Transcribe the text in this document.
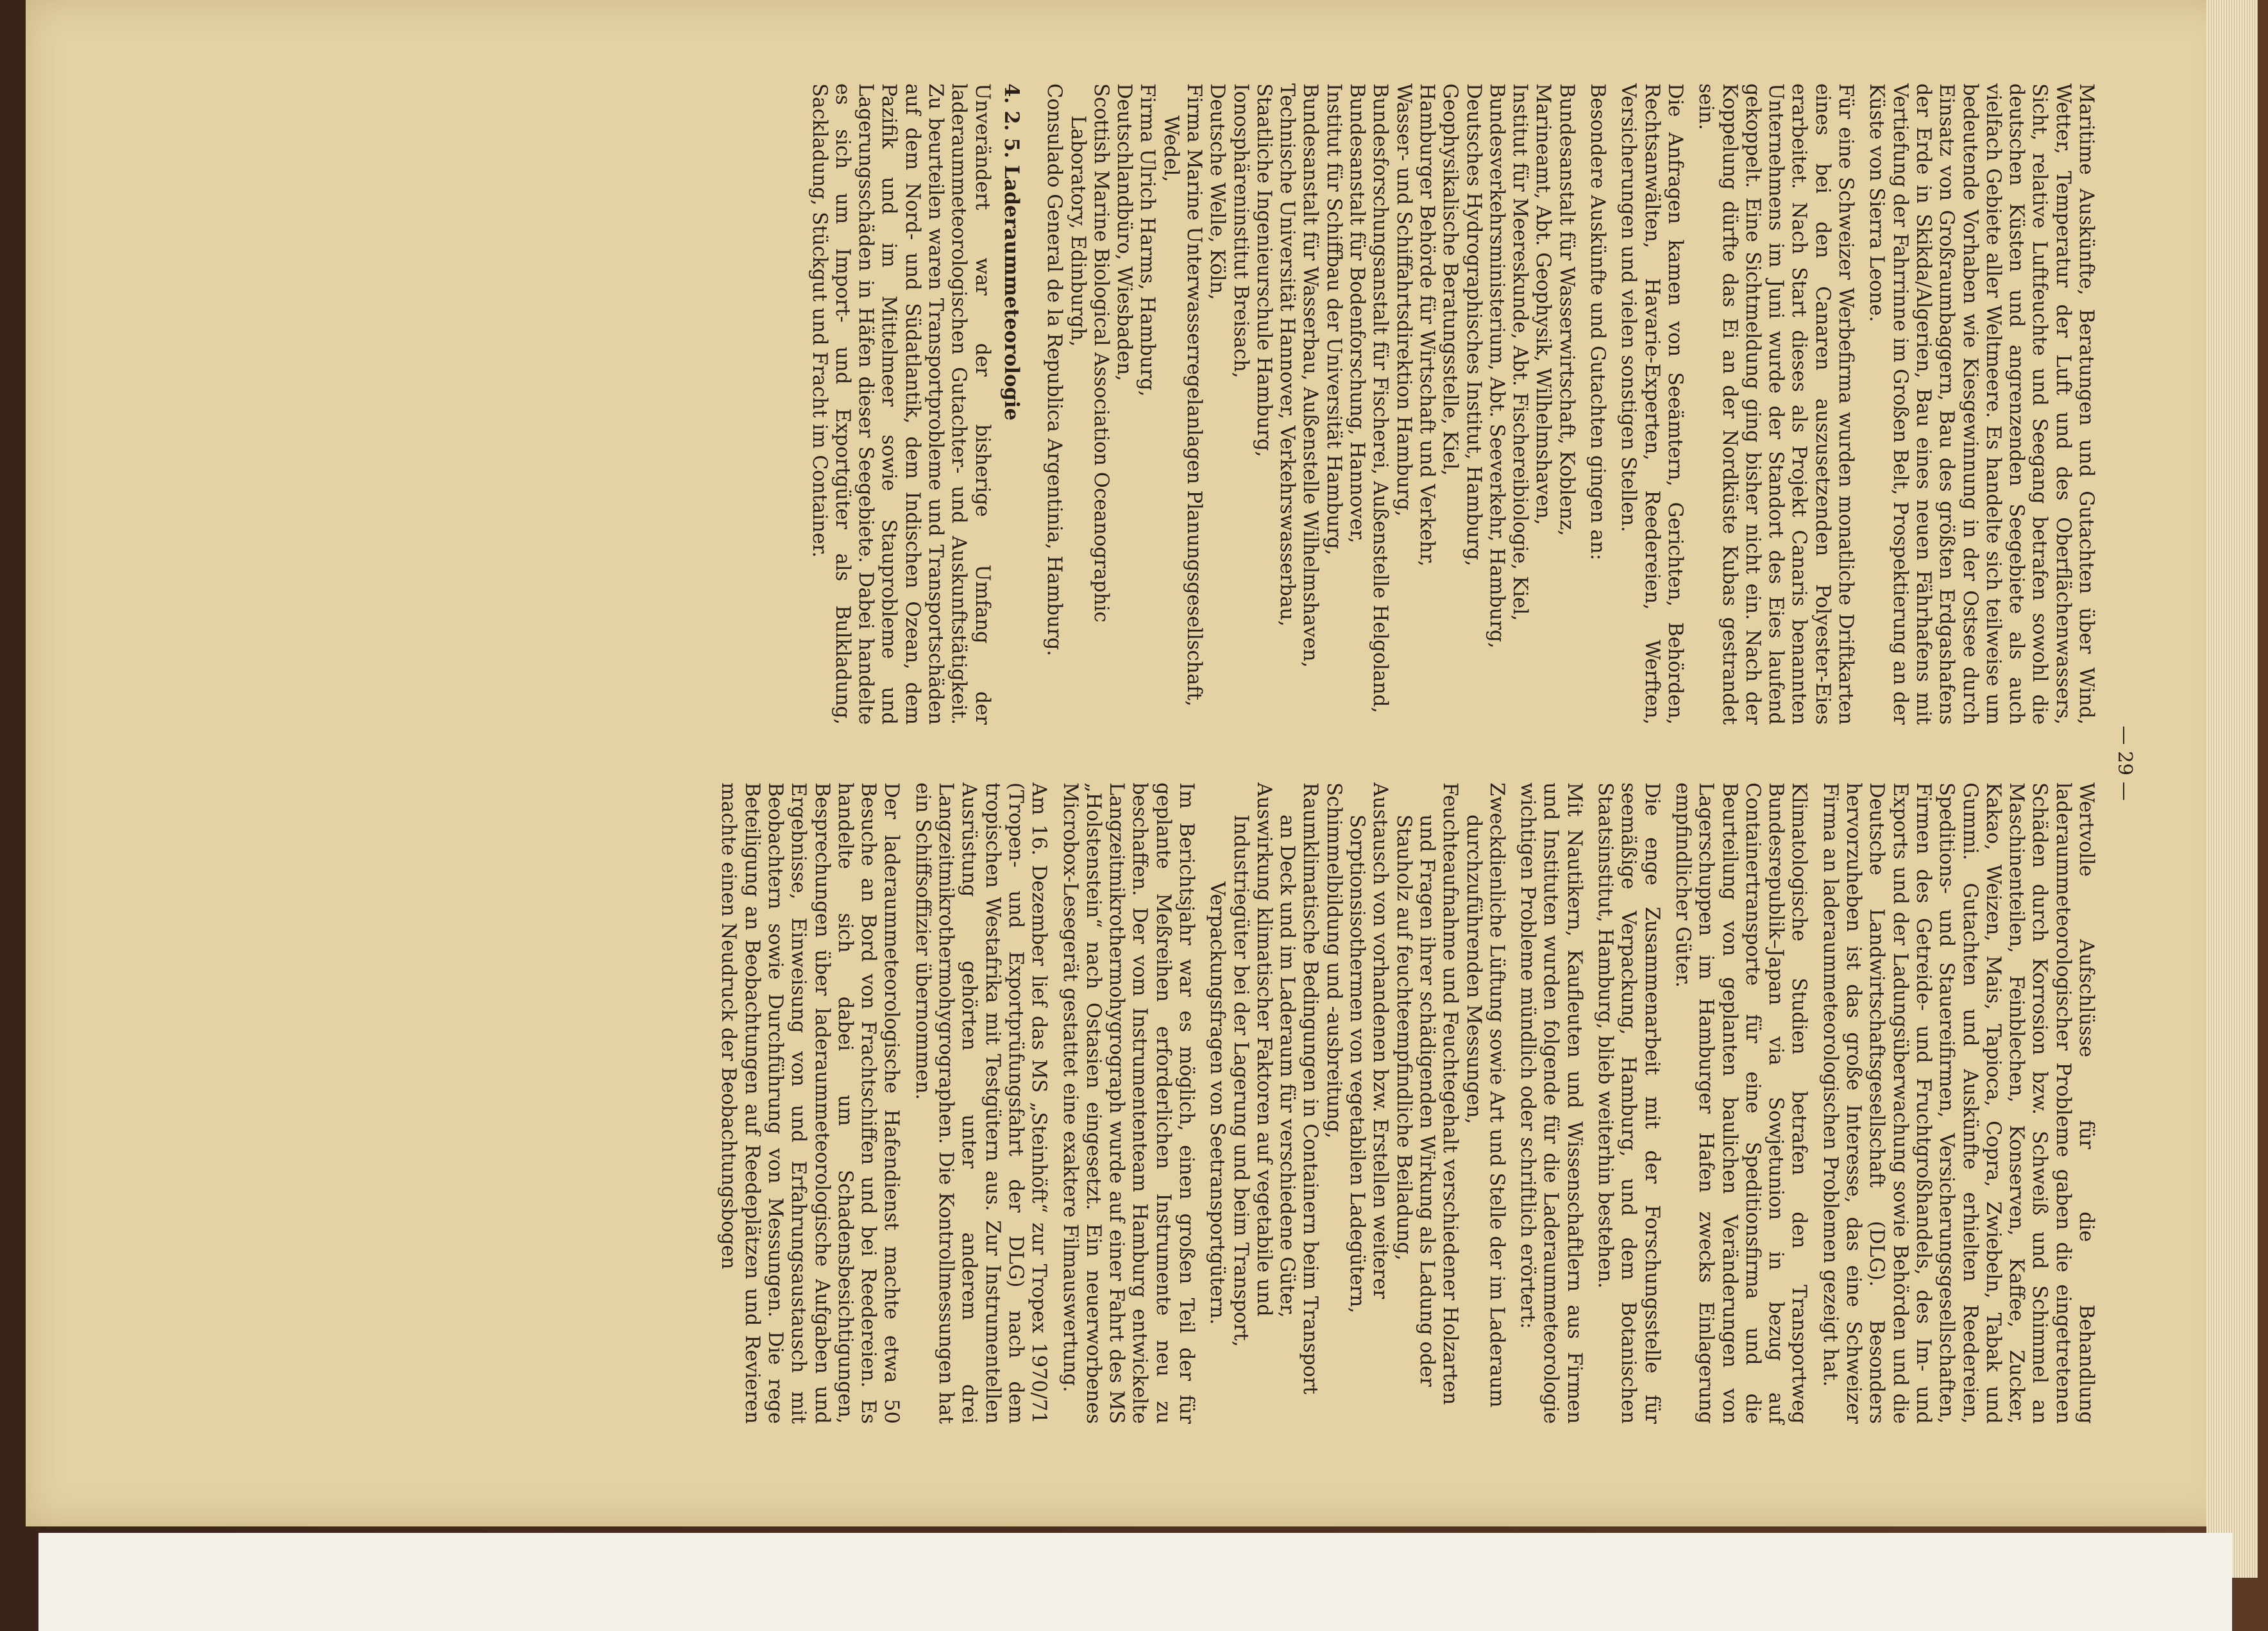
— 29 —

Maritime Auskünfte, Beratungen und Gutachten über Wind, Wetter, Temperatur der Luft und des Oberflächenwassers, Sicht, relative Luftfeuchte und Seegang betrafen sowohl die deutschen Küsten und angrenzenden Seegebiete als auch vielfach Gebiete aller Weltmeere. Es handelte sich teilweise um bedeutende Vorhaben wie Kiesgewinnung in der Ostsee durch Einsatz von Großraumbaggern, Bau des größten Erdgashafens der Erde in Skikda/Algerien, Bau eines neuen Fährhafens mit Vertiefung der Fahrrinne im Großen Belt, Prospektierung an der Küste von Sierra Leone.

Für eine Schweizer Werbefirma wurden monatliche Driftkarten eines bei den Canaren auszusetzenden Polyester-Eies erarbeitet. Nach Start dieses als Projekt Canaris benannten Unternehmens im Juni wurde der Standort des Eies laufend gekoppelt. Eine Sichtmeldung ging bisher nicht ein. Nach der Koppelung dürfte das Ei an der Nordküste Kubas gestrandet sein.

Die Anfragen kamen von Seeämtern, Gerichten, Behörden, Rechtsanwälten, Havarie-Experten, Reedereien, Werften, Versicherungen und vielen sonstigen Stellen.

Besondere Auskünfte und Gutachten gingen an:

Bundesanstalt für Wasserwirtschaft, Koblenz,

Marineamt, Abt. Geophysik, Wilhelmshaven,

Institut für Meereskunde, Abt. Fischereibiologie, Kiel,

Bundesverkehrsministerium, Abt. Seeverkehr, Hamburg,

Deutsches Hydrographisches Institut, Hamburg,

Geophysikalische Beratungsstelle, Kiel,

Hamburger Behörde für Wirtschaft und Verkehr,

Wasser- und Schiffahrtsdirektion Hamburg,

Bundesforschungsanstalt für Fischerei, Außenstelle Helgoland,

Bundesanstalt für Bodenforschung, Hannover,

Institut für Schiffbau der Universität Hamburg,

Bundesanstalt für Wasserbau, Außenstelle Wilhelmshaven,

Technische Universität Hannover, Verkehrswasserbau,

Staatliche Ingenieurschule Hamburg,

Ionosphäreninstitut Breisach,

Deutsche Welle, Köln,

Firma Marine Unterwasserregelanlagen Planungsgesellschaft, Wedel,

Firma Ulrich Harms, Hamburg,

Deutschlandbüro, Wiesbaden,

Scottish Marine Biological Association Oceanographic Laboratory, Edinburgh,

Consulado General de la Republica Argentinia, Hamburg.

4. 2. 5. Laderaummeteorologie

Unverändert war der bisherige Umfang der laderaummeteorologischen Gutachter- und Auskunftstätigkeit. Zu beurteilen waren Transportprobleme und Transportschäden auf dem Nord- und Südatlantik, dem Indischen Ozean, dem Pazifik und im Mittelmeer sowie Stauprobleme und Lagerungsschäden in Häfen dieser Seegebiete. Dabei handelte es sich um Import- und Exportgüter als Bulkladung, Sackladung, Stückgut und Fracht im Container.

Wertvolle Aufschlüsse für die Behandlung laderaummeteorologischer Probleme gaben die eingetretenen Schäden durch Korrosion bzw. Schweiß und Schimmel an Maschinenteilen, Feinblechen, Konserven, Kaffee, Zucker, Kakao, Weizen, Mais, Tapioca, Copra, Zwiebeln, Tabak und Gummi. Gutachten und Auskünfte erhielten Reedereien, Speditions- und Stauereifirmen, Versicherungsgesellschaften, Firmen des Getreide- und Fruchtgroßhandels, des Im- und Exports und der Ladungsüberwachung sowie Behörden und die Deutsche Landwirtschaftsgesellschaft (DLG). Besonders hervorzuheben ist das große Interesse, das eine Schweizer Firma an laderaummeteorologischen Problemen gezeigt hat.

Klimatologische Studien betrafen den Transportweg Bundesrepublik–Japan via Sowjetunion in bezug auf Containertransporte für eine Speditionsfirma und die Beurteilung von geplanten baulichen Veränderungen von Lagerschuppen im Hamburger Hafen zwecks Einlagerung empfindlicher Güter.

Die enge Zusammenarbeit mit der Forschungsstelle für seemäßige Verpackung, Hamburg, und dem Botanischen Staatsinstitut, Hamburg, blieb weiterhin bestehen.

Mit Nautikern, Kaufleuten und Wissenschaftlern aus Firmen und Instituten wurden folgende für die Laderaummeteorologie wichtigen Probleme mündlich oder schriftlich erörtert:

Zweckdienliche Lüftung sowie Art und Stelle der im Laderaum durchzuführenden Messungen,

Feuchteaufnahme und Feuchtegehalt verschiedener Holzarten und Fragen ihrer schädigenden Wirkung als Ladung oder Stauholz auf feuchteempfindliche Beiladung,

Austausch von vorhandenen bzw. Erstellen weiterer Sorptionsisothermen von vegetabilen Ladegütern,

Schimmelbildung und -ausbreitung,

Raumklimatische Bedingungen in Containern beim Transport an Deck und im Laderaum für verschiedene Güter,

Auswirkung klimatischer Faktoren auf vegetabile und Industriegüter bei der Lagerung und beim Transport,

Verpackungsfragen von Seetransportgütern.

Im Berichtsjahr war es möglich, einen großen Teil der für geplante Meßreihen erforderlichen Instrumente neu zu beschaffen. Der vom Instrumententeam Hamburg entwickelte Langzeitmikrothermohygrograph wurde auf einer Fahrt des MS „Holstenstein“ nach Ostasien eingesetzt. Ein neuerworbenes Microbox-Lesegerät gestattet eine exaktere Filmauswertung.

Am 16. Dezember lief das MS „Steinhöft“ zur Tropex 1970/71 (Tropen- und Exportprüfungsfahrt der DLG) nach dem tropischen Westafrika mit Testgütern aus. Zur Instrumentellen Ausrüstung gehörten unter anderem drei Langzeitmikrothermohygrographen. Die Kontrollmessungen hat ein Schiffsoffizier übernommen.

Der laderaummeteorologische Hafendienst machte etwa 50 Besuche an Bord von Frachtschiffen und bei Reedereien. Es handelte sich dabei um Schadensbesichtigungen, Besprechungen über laderaummeteorologische Aufgaben und Ergebnisse, Einweisung von und Erfahrungsaustausch mit Beobachtern sowie Durchführung von Messungen. Die rege Beteiligung an Beobachtungen auf Reedeplätzen und Revieren machte einen Neudruck der Beobachtungsbogen
